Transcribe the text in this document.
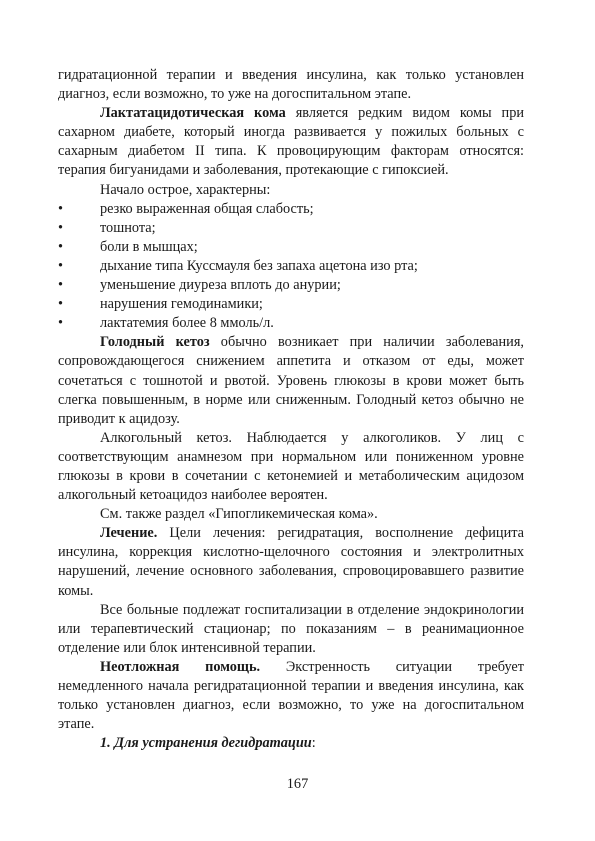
гидратационной терапии и введения инсулина, как только установлен диагноз, если возможно, то уже на догоспитальном этапе.

Лактатацидотическая кома является редким видом комы при сахарном диабете, который иногда развивается у пожилых больных с сахарным диабетом II типа. К провоцирующим факторам относятся: терапия бигуанидами и заболевания, протекающие с гипоксией.

Начало острое, характерны:

•	резко выраженная общая слабость;
•	тошнота;
•	боли в мышцах;
•	дыхание типа Куссмауля без запаха ацетона изо рта;
•	уменьшение диуреза вплоть до анурии;
•	нарушения гемодинамики;
•	лактатемия более 8 ммоль/л.

Голодный кетоз обычно возникает при наличии заболевания, сопровождающегося снижением аппетита и отказом от еды, может сочетаться с тошнотой и рвотой. Уровень глюкозы в крови может быть слегка повышенным, в норме или сниженным. Голодный кетоз обычно не приводит к ацидозу.

Алкогольный кетоз. Наблюдается у алкоголиков. У лиц с соответствующим анамнезом при нормальном или пониженном уровне глюкозы в крови в сочетании с кетонемией и метаболическим ацидозом алкогольный кетоацидоз наиболее вероятен.

См. также раздел «Гипогликемическая кома».

Лечение. Цели лечения: регидратация, восполнение дефицита инсулина, коррекция кислотно-щелочного состояния и электролитных нарушений, лечение основного заболевания, спровоцировавшего развитие комы.

Все больные подлежат госпитализации в отделение эндокринологии или терапевтический стационар; по показаниям – в реанимационное отделение или блок интенсивной терапии.

Неотложная помощь. Экстренность ситуации требует немедленного начала регидратационной терапии и введения инсулина, как только установлен диагноз, если возможно, то уже на догоспитальном этапе.

1. Для устранения дегидратации:

167
